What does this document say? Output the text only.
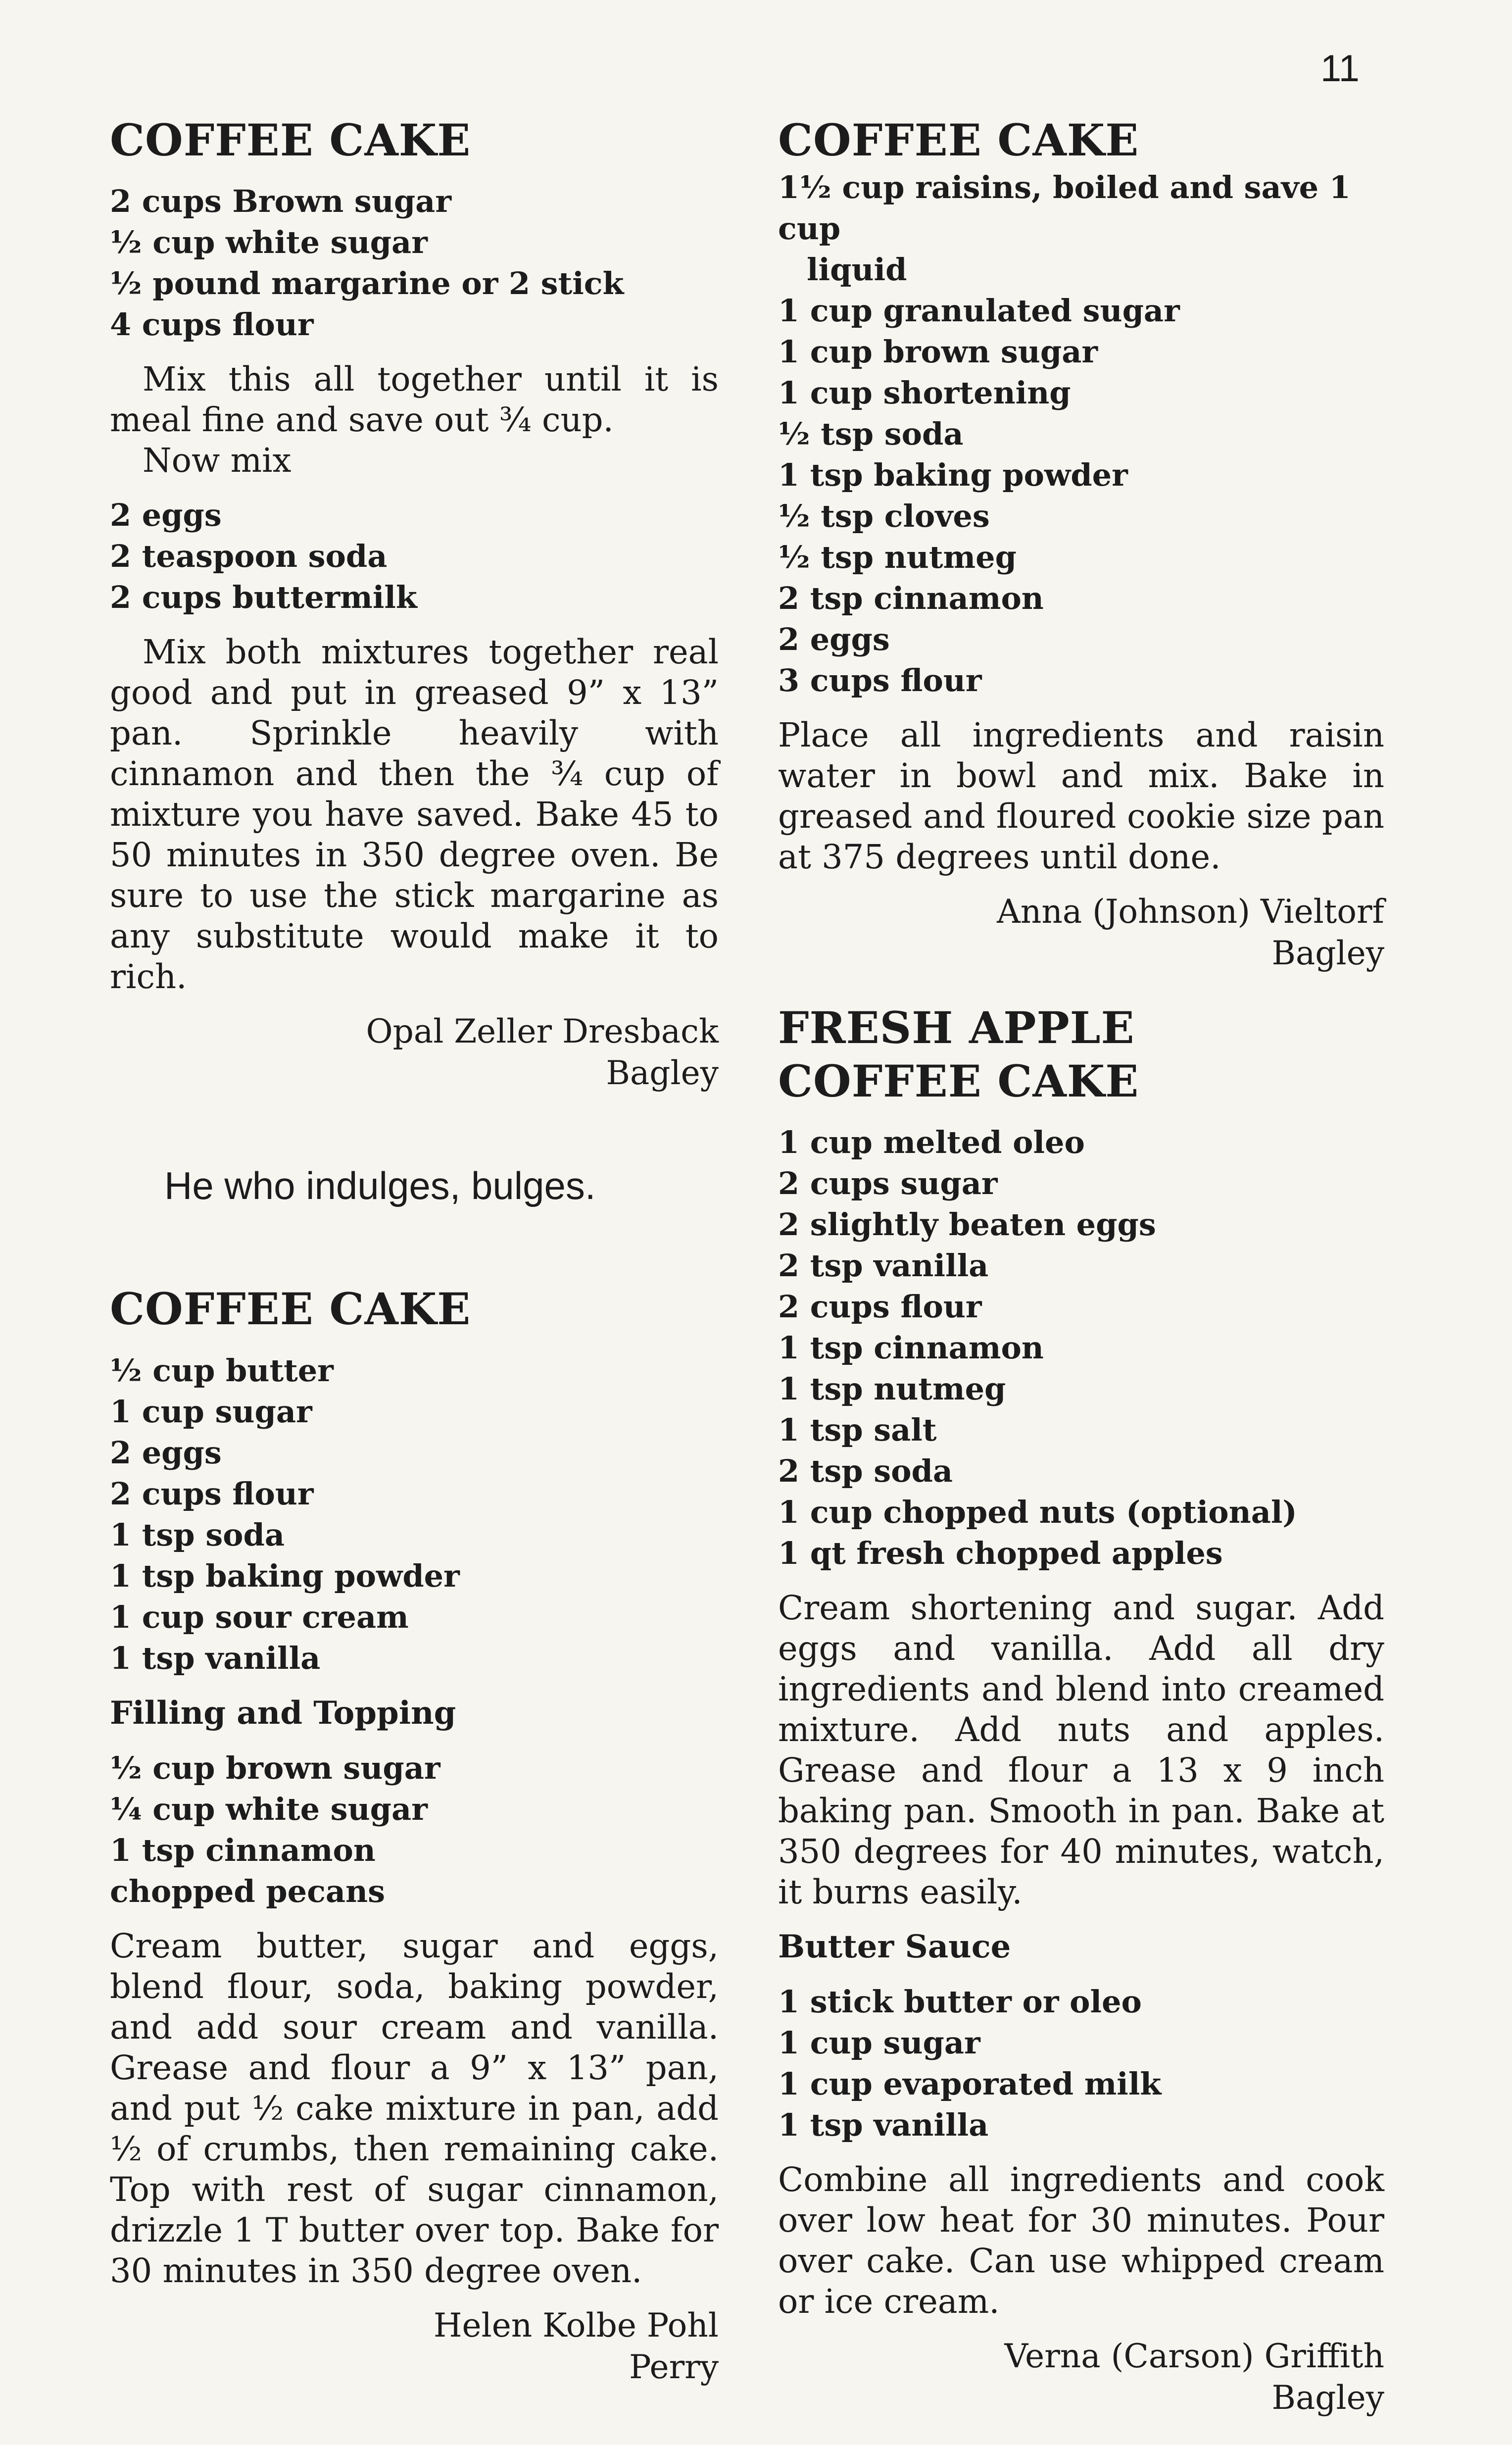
11
COFFEE CAKE
2 cups Brown sugar
½ cup white sugar
½ pound margarine or 2 stick
4 cups flour

Mix this all together until it is meal fine and save out ¾ cup.

Now mix

2 eggs
2 teaspoon soda
2 cups buttermilk

Mix both mixtures together real good and put in greased 9” x 13” pan. Sprinkle heavily with cinnamon and then the ¾ cup of mixture you have saved. Bake 45 to 50 minutes in 350 degree oven. Be sure to use the stick margarine as any substitute would make it to rich.

Opal Zeller Dresback
Bagley

He who indulges, bulges.

COFFEE CAKE
½ cup butter
1 cup sugar
2 eggs
2 cups flour
1 tsp soda
1 tsp baking powder
1 cup sour cream
1 tsp vanilla

Filling and Topping

½ cup brown sugar
¼ cup white sugar
1 tsp cinnamon
chopped pecans

Cream butter, sugar and eggs, blend flour, soda, baking powder, and add sour cream and vanilla. Grease and flour a 9” x 13” pan, and put ½ cake mixture in pan, add ½ of crumbs, then remaining cake. Top with rest of sugar cinnamon, drizzle 1 T butter over top. Bake for 30 minutes in 350 degree oven.

Helen Kolbe Pohl
Perry
COFFEE CAKE
1½ cup raisins, boiled and save 1 cup
liquid
1 cup granulated sugar
1 cup brown sugar
1 cup shortening
½ tsp soda
1 tsp baking powder
½ tsp cloves
½ tsp nutmeg
2 tsp cinnamon
2 eggs
3 cups flour

Place all ingredients and raisin water in bowl and mix. Bake in greased and floured cookie size pan at 375 degrees until done.

Anna (Johnson) Vieltorf
Bagley
FRESH APPLE
COFFEE CAKE
1 cup melted oleo
2 cups sugar
2 slightly beaten eggs
2 tsp vanilla
2 cups flour
1 tsp cinnamon
1 tsp nutmeg
1 tsp salt
2 tsp soda
1 cup chopped nuts (optional)
1 qt fresh chopped apples

Cream shortening and sugar. Add eggs and vanilla. Add all dry ingredients and blend into creamed mixture. Add nuts and apples. Grease and flour a 13 x 9 inch baking pan. Smooth in pan. Bake at 350 degrees for 40 minutes, watch, it burns easily.

Butter Sauce

1 stick butter or oleo
1 cup sugar
1 cup evaporated milk
1 tsp vanilla

Combine all ingredients and cook over low heat for 30 minutes. Pour over cake. Can use whipped cream or ice cream.

Verna (Carson) Griffith
Bagley
